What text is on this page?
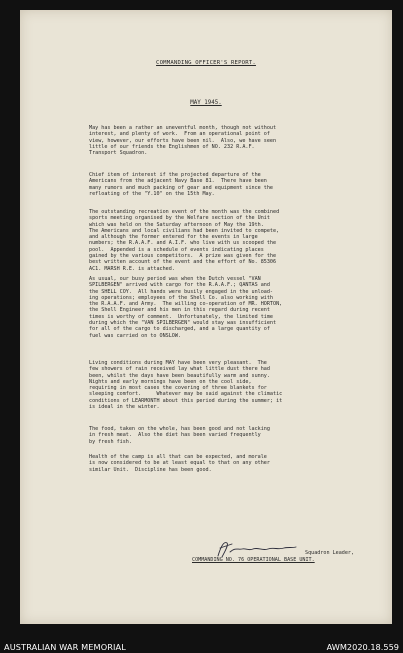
COMMANDING OFFICER'S REPORT.
MAY 1945.
May has been a rather an uneventful month, though not without
interest, and plenty of work.  From an operational point of
view, however, our efforts have been nil.  Also, we have seen
little of our friends the Englishmen of NO. 232 R.A.F.
Transport Squadron.
Chief item of interest if the projected departure of the
Americans from the adjacent Navy Base 81.  There have been
many rumors and much packing of gear and equipment since the
refloating of the "Y.10" on the 15th May.
The outstanding recreation event of the month was the combined
sports meeting organised by the Welfare section of the Unit
which was held on the Saturday afternoon of May the 19th.
The Americans and local civilians had been invited to compete,
and although the former entered for the events in large
numbers; the R.A.A.F. and A.I.F. who live with us scooped the
pool.  Appended is a schedule of events indicating places
gained by the various competitors.  A prize was given for the
best written account of the event and the effort of No. 85306
AC1. MARSH R.E. is attached.
As usual, our busy period was when the Dutch vessel "VAN
SPILBERGEN" arrived with cargo for the R.A.A.F.; QANTAS and
the SHELL COY.  All hands were busily engaged in the unload-
ing operations; employees of the Shell Co. also working with
the R.A.A.F. and Army.  The willing co-operation of MR. HORTON,
the Shell Engineer and his men in this regard during recent
times is worthy of comment.  Unfortunately, the limited time
during which the "VAN SPILBERGEN" would stay was insufficient
for all of the cargo to discharged, and a large quantity of
fuel was carried on to ONSLOW.
Living conditions during MAY have been very pleasant.  The
few showers of rain received lay what little dust there had
been, whilst the days have been beautifully warm and sunny.
Nights and early mornings have been on the cool side,
requiring in most cases the covering of three blankets for
sleeping comfort.     Whatever may be said against the climatic
conditions of LEARMONTH about this period during the summer; it
is ideal in the winter.
The food, taken on the whole, has been good and not lacking
in fresh meat.  Also the diet has been varied frequently
by fresh fish.
Health of the camp is all that can be expected, and morale
is now considered to be at least equal to that on any other
similar Unit.  Discipline has been good.
Squadron Leader,
COMMANDING NO. 76 OPERATIONAL BASE UNIT.
AUSTRALIAN WAR MEMORIAL	AWM2020.18.559
